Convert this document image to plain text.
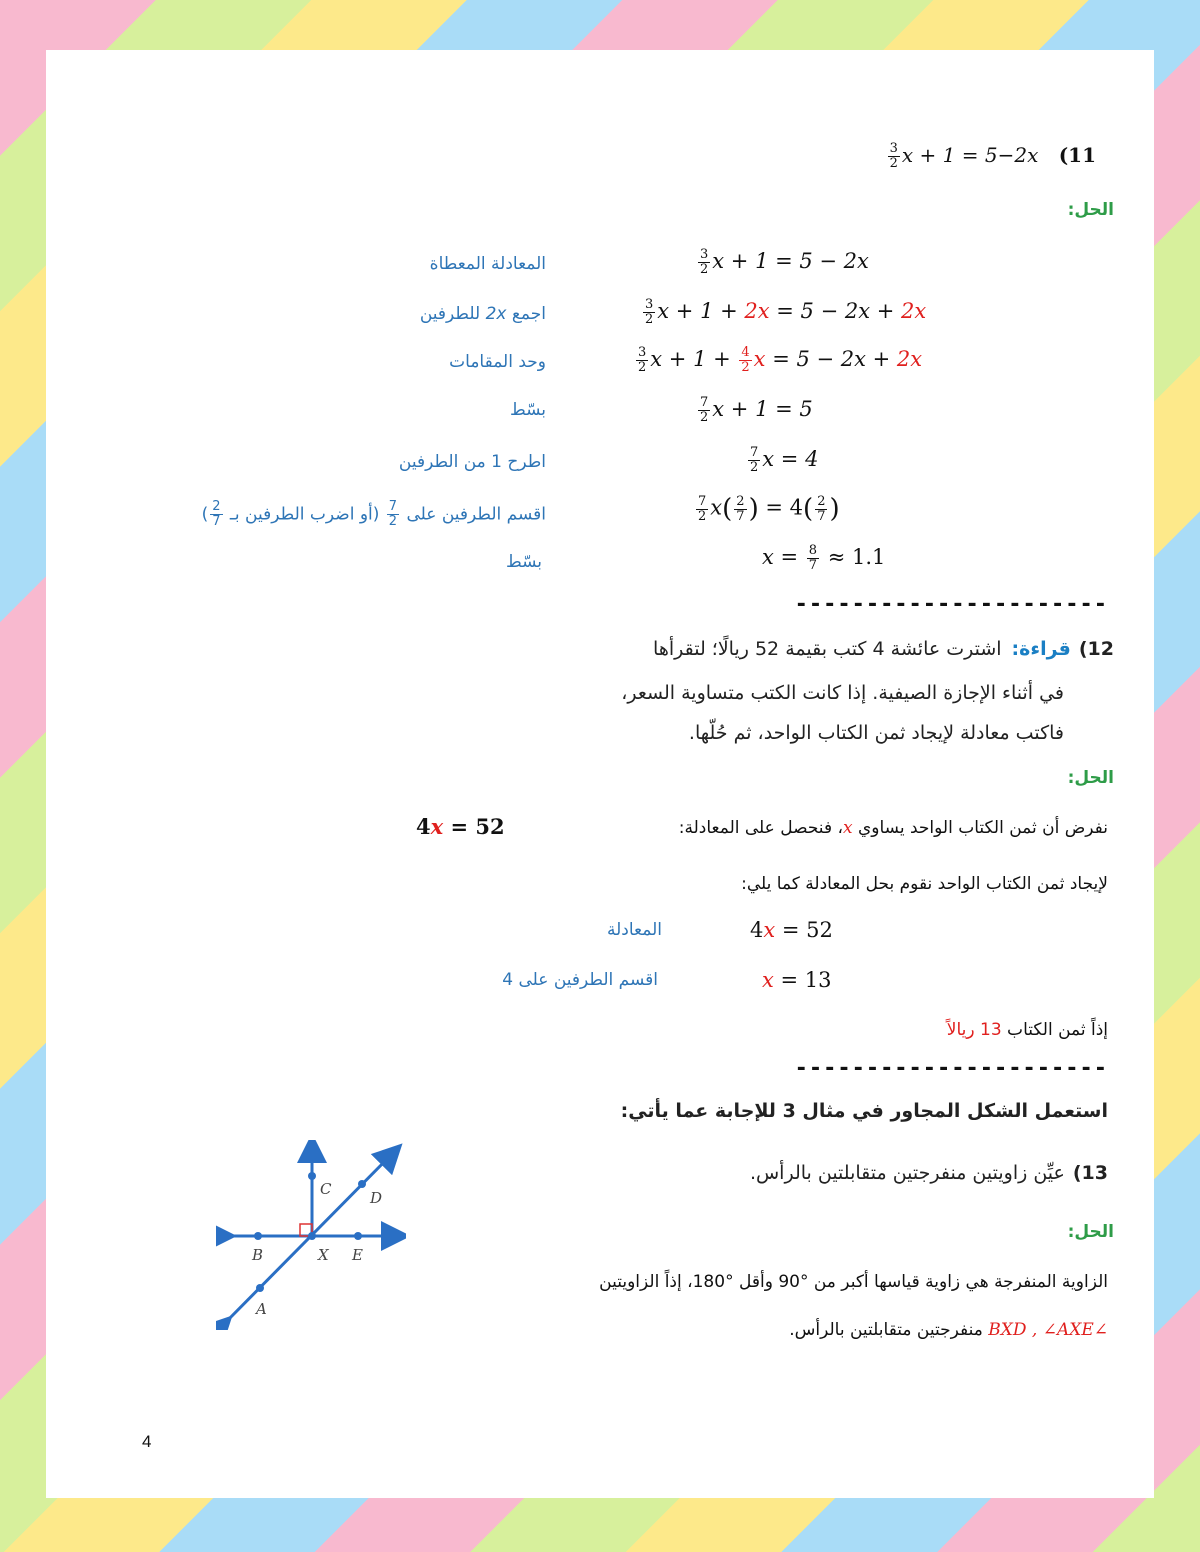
$\frac{3}{2}$ x + 1 = 5−2x (11
الحل:
$\frac{3}{2}$ x + 1 = 5 − 2x
المعادلة المعطاة
$\frac{3}{2}$ x + 1 + 2x = 5 − 2x + 2x
اجمع 2x للطرفين
$\frac{3}{2}$ $x + 1 + \frac{4}{2}$ x = 5 − 2x + 2x
وحد المقامات
$\frac{7}{2}$ x + 1 = 5
بسّط
$\frac{7}{2}$ x = 4
اطرح 1 من الطرفين
$\frac{7}{2} x( \frac{2}{7}$ ) = $4( \frac{2}{7}$ )
اقسم الطرفين على
$\frac{7}{2}$
(أو اضرب الطرفين بـ
$\frac{2}{7}$
)
$x = \frac{8}{7} \approx 1.1$
بسّط
----------------------
12)قراءة:اشترت عائشة 4 كتب بقيمة 52 ريالًا؛ لتقرأها
في أثناء الإجازة الصيفية. إذا كانت الكتب متساوية السعر،
فاكتب معادلة لإيجاد ثمن الكتاب الواحد، ثم حُلّها.
الحل:
نفرض أن ثمن الكتاب الواحد يساوي x، فنحصل على المعادلة:
4x = 52
لإيجاد ثمن الكتاب الواحد نقوم بحل المعادلة كما يلي:
4x = 52
المعادلة
x = 13
اقسم الطرفين على 4
إذاً ثمن الكتاب 13 ريالاً
----------------------
استعمل الشكل المجاور في مثال 3 للإجابة عما يأتي:
13)عيِّن زاويتين منفرجتين متقابلتين بالرأس.
الحل:
الزاوية المنفرجة هي زاوية قياسها أكبر من °90 وأقل °180، إذاً الزاويتين
∠BXD , ∠AXE منفرجتين متقابلتين بالرأس.
C	D
B	X E
A
4
